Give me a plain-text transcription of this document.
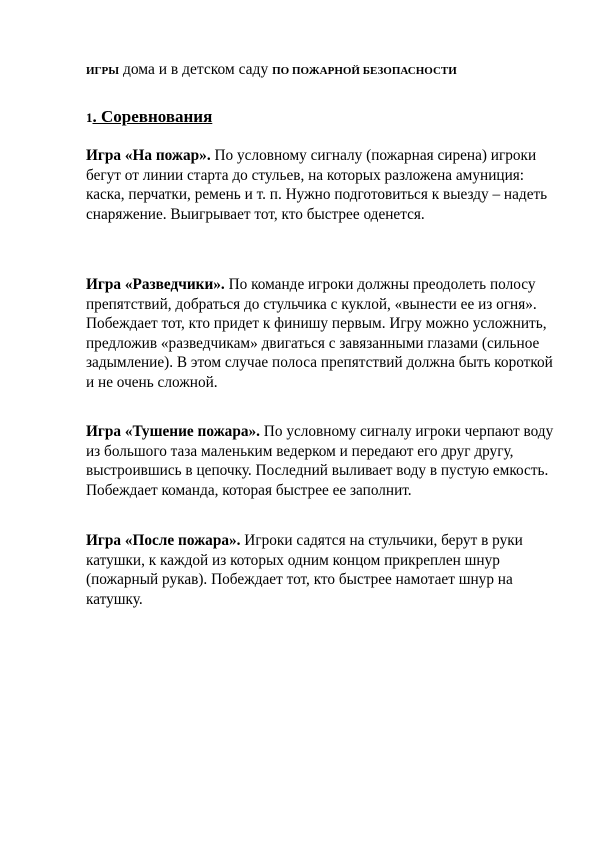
ИГРЫ дома и в детском саду ПО ПОЖАРНОЙ БЕЗОПАСНОСТИ
1. Соревнования

Игра «На пожар». По условному сигналу (пожарная сирена) игроки бегут от линии старта до стульев, на которых разложена амуниция: каска, перчатки, ремень и т. п. Нужно подготовиться к выезду – надеть снаряжение. Выигрывает тот, кто быстрее оденется.

Игра «Разведчики». По команде игроки должны преодолеть полосу препятствий, добраться до стульчика с куклой, «вынести ее из огня». Побеждает тот, кто придет к финишу первым. Игру можно усложнить, предложив «разведчикам» двигаться с завязанными глазами (сильное задымление). В этом случае полоса препятствий должна быть короткой и не очень сложной.

Игра «Тушение пожара». По условному сигналу игроки черпают воду из большого таза маленьким ведерком и передают его друг другу, выстроившись в цепочку. Последний выливает воду в пустую емкость. Побеждает команда, которая быстрее ее заполнит.

Игра «После пожара». Игроки садятся на стульчики, берут в руки катушки, к каждой из которых одним концом прикреплен шнур (пожарный рукав). Побеждает тот, кто быстрее намотает шнур на катушку.
